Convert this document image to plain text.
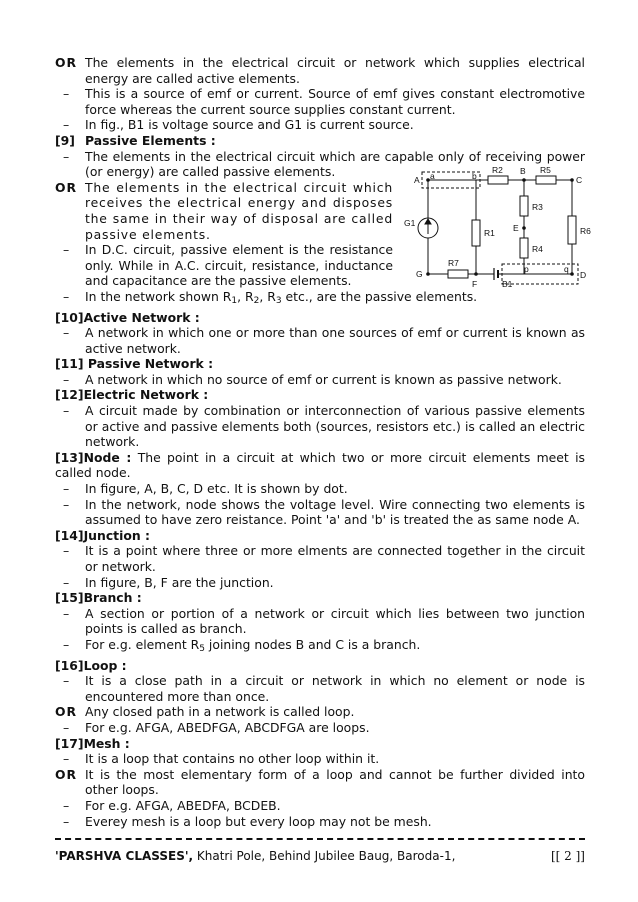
OR The elements in the electrical circuit or network which supplies electrical energy are called active elements.
– This is a source of emf or current. Source of emf gives constant electromotive force whereas the current source supplies constant current.
– In fig., B1 is voltage source and G1 is current source.
[9] Passive Elements :
– The elements in the electrical circuit which are capable only of receiving power (or energy) are called passive elements.
OR The elements in the electrical circuit which receives the electrical energy and disposes the same in their way of disposal are called passive elements.
– In D.C. circuit, passive element is the resistance only. While in A.C. circuit, resistance, inductance and capacitance are the passive elements.
– In the network shown $R_1$, $R_2$, $R_3$ etc., are the passive elements.
[10]Active Network :
– A network in which one or more than one sources of emf or current is known as active network.
[11] Passive Network :
– A network in which no source of emf or current is known as passive network.
[12]Electric Network :
– A circuit made by combination or interconnection of various passive elements or active and passive elements both (sources, resistors etc.) is called an electric network.
[13]Node : The point in a circuit at which two or more circuit elements meet is called node.
– In figure, A, B, C, D etc. It is shown by dot.
– In the network, node shows the voltage level. Wire connecting two elements is assumed to have zero reistance. Point 'a' and 'b' is treated the as same node A.
[14]Junction :
– It is a point where three or more elments are connected together in the circuit or network.
– In figure, B, F are the junction.
[15]Branch :
– A section or portion of a network or circuit which lies between two junction points is called as branch.
– For e.g. element $R_5$ joining nodes B and C is a branch.
[16]Loop :
– It is a close path in a circuit or network in which no element or node is encountered more than once.
OR Any closed path in a network is called loop.
– For e.g. AFGA, ABEDFGA, ABCDFGA are loops.
[17]Mesh :
– It is a loop that contains no other loop within it.
OR It is the most elementary form of a loop and cannot be further divided into other loops.
– For e.g. AFGA, ABEDFA, BCDEB.
– Everey mesh is a loop but every loop may not be mesh.
A a	b
R2 B R5
C
R3
E
R4
R6
R1
G1
R7
G
F	B1
p	q
D
'PARSHVA CLASSES', Khatri Pole, Behind Jubilee Baug, Baroda-1,	[[ 2 ]]
